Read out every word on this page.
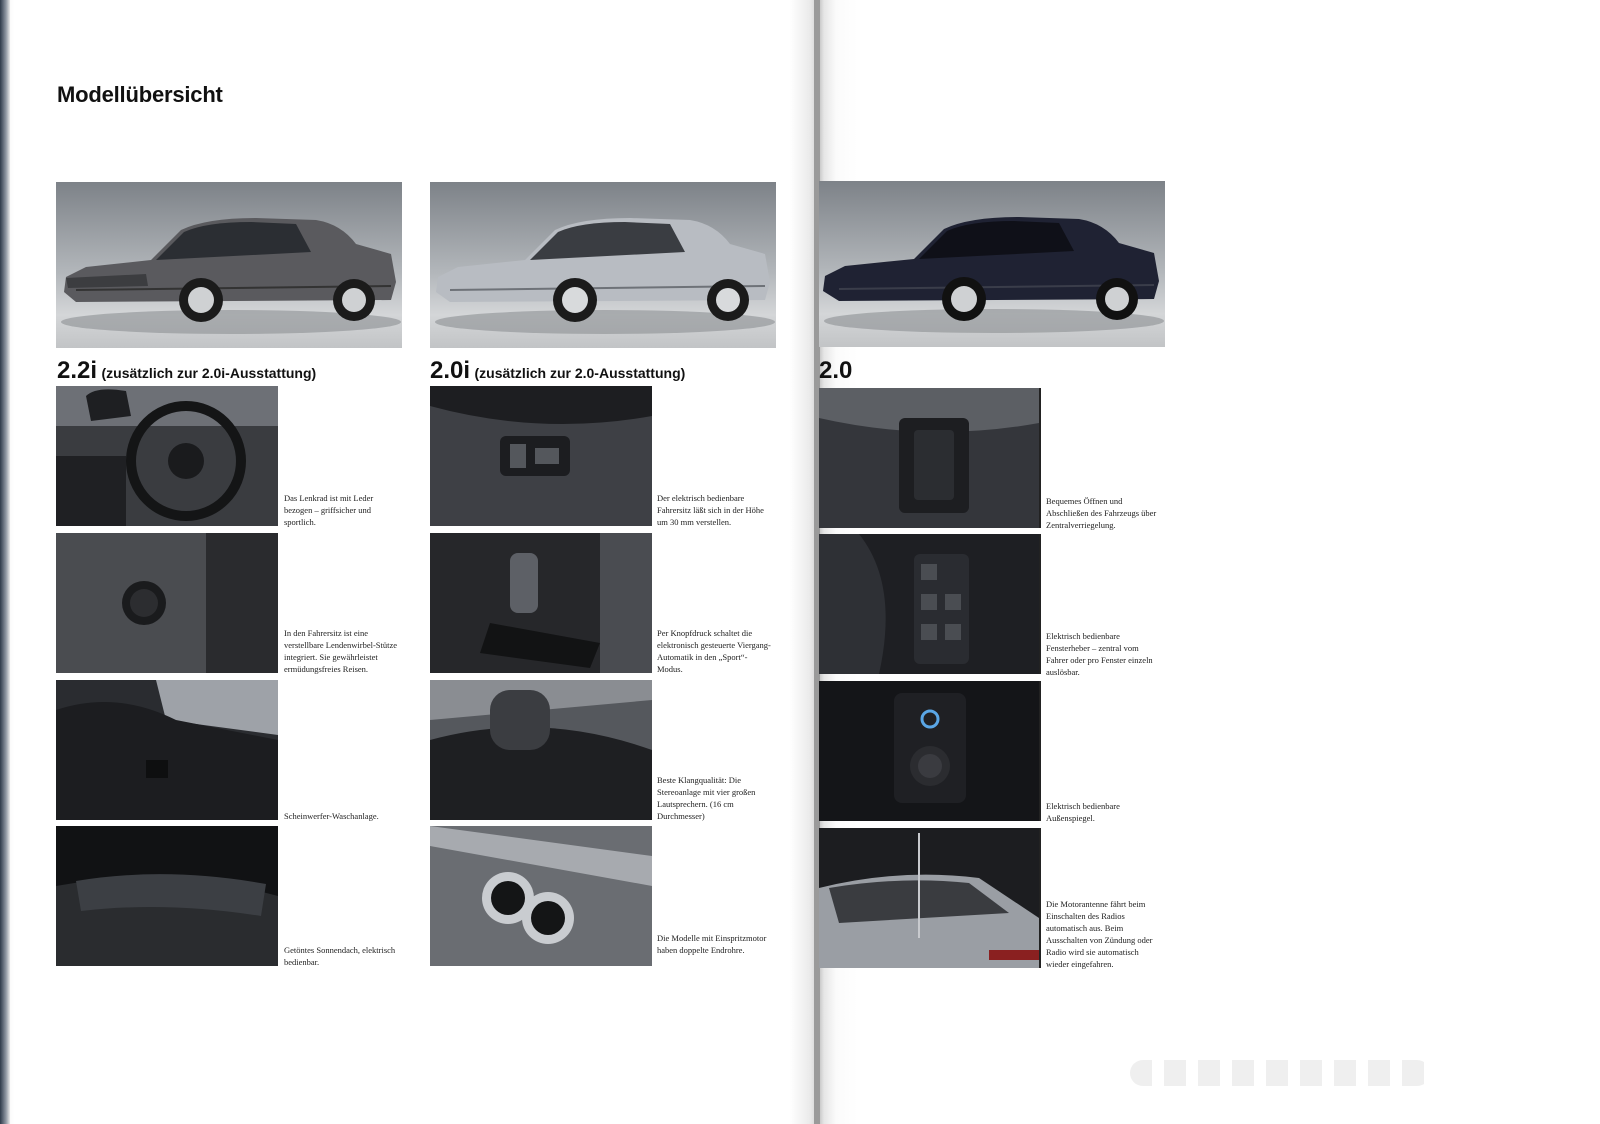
Modellübersicht
2.2i (zusätzlich zur 2.0i-Ausstattung)
Das Lenkrad ist mit Leder bezogen – griffsicher und sportlich.
In den Fahrersitz ist eine verstellbare Lendenwirbel-Stütze integriert. Sie gewährleistet ermüdungsfreies Reisen.
Scheinwerfer-Waschanlage.
Getöntes Sonnendach, elektrisch bedienbar.
2.0i (zusätzlich zur 2.0-Ausstattung)
Der elektrisch bedienbare Fahrersitz läßt sich in der Höhe um 30 mm verstellen.
Per Knopfdruck schaltet die elektronisch gesteuerte Viergang-Automatik in den „Sport“-Modus.
Beste Klangqualität: Die Stereoanlage mit vier großen Lautsprechern. (16 cm Durchmesser)
Die Modelle mit Einspritzmotor haben doppelte Endrohre.
2.0
Bequemes Öffnen und Abschließen des Fahrzeugs über Zentralverriegelung.
Elektrisch bedienbare Fensterheber – zentral vom Fahrer oder pro Fenster einzeln auslösbar.
Elektrisch bedienbare Außenspiegel.
Die Motorantenne fährt beim Einschalten des Radios automatisch aus. Beim Ausschalten von Zündung oder Radio wird sie automatisch wieder eingefahren.
